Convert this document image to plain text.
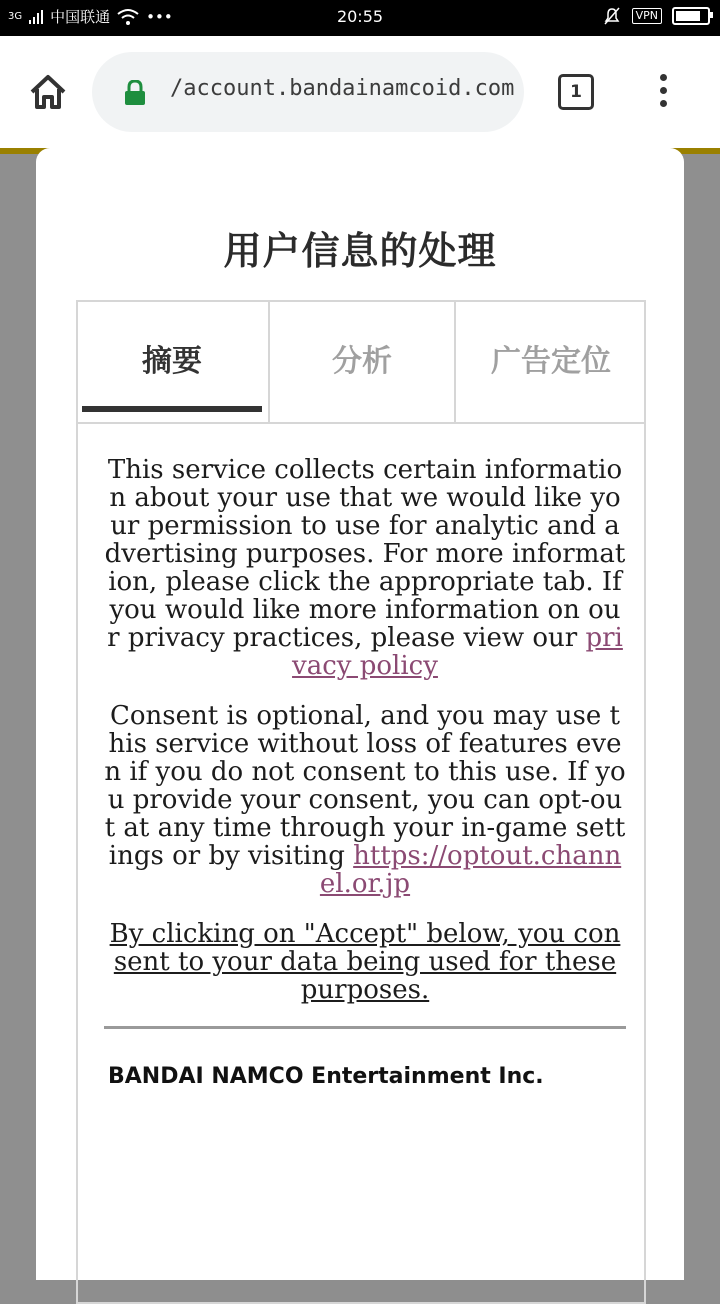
3G 中国联通 •••	20:55	VPN
/account.bandainamcoid.com	1
用户信息的处理
摘要	分析	广告定位

This service collects certain information about your use that we would like your permission to use for analytic and advertising purposes. For more information, please click the appropriate tab. If you would like more information on our privacy practices, please view our privacy policy

Consent is optional, and you may use this service without loss of features even if you do not consent to this use. If you provide your consent, you can opt-out at any time through your in-game settings or by visiting https://optout.channel.or.jp

By clicking on "Accept" below, you consent to your data being used for these purposes.

BANDAI NAMCO Entertainment Inc.
